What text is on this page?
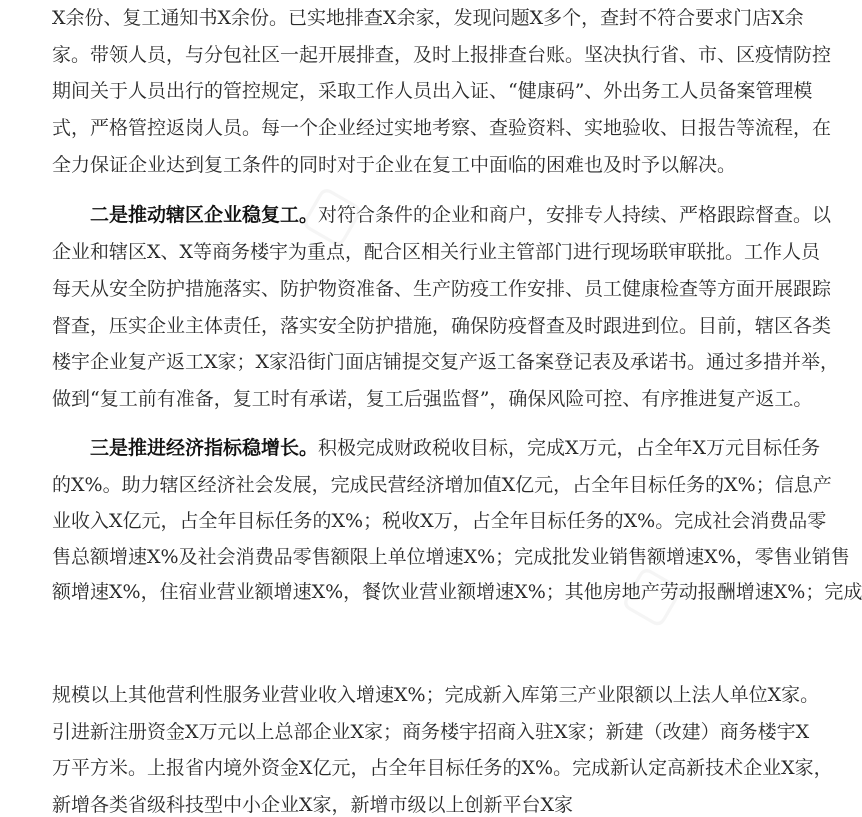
X余份、复工通知书X余份。已实地排查X余家，发现问题X多个，查封不符合要求门店X余
家。带领人员，与分包社区一起开展排查，及时上报排查台账。坚决执行省、市、区疫情防控
期间关于人员出行的管控规定，采取工作人员出入证、“健康码”、外出务工人员备案管理模
式，严格管控返岗人员。每一个企业经过实地考察、查验资料、实地验收、日报告等流程，在
全力保证企业达到复工条件的同时对于企业在复工中面临的困难也及时予以解决。
二是推动辖区企业稳复工。对符合条件的企业和商户，安排专人持续、严格跟踪督查。以
企业和辖区X、X等商务楼宇为重点，配合区相关行业主管部门进行现场联审联批。工作人员
每天从安全防护措施落实、防护物资准备、生产防疫工作安排、员工健康检查等方面开展跟踪
督查，压实企业主体责任，落实安全防护措施，确保防疫督查及时跟进到位。目前，辖区各类
楼宇企业复产返工X家；X家沿街门面店铺提交复产返工备案登记表及承诺书。通过多措并举，
做到“复工前有准备，复工时有承诺，复工后强监督”，确保风险可控、有序推进复产返工。
三是推进经济指标稳增长。积极完成财政税收目标，完成X万元，占全年X万元目标任务
的X%。助力辖区经济社会发展，完成民营经济增加值X亿元，占全年目标任务的X%；信息产
业收入X亿元，占全年目标任务的X%；税收X万，占全年目标任务的X%。完成社会消费品零
售总额增速X%及社会消费品零售额限上单位增速X%；完成批发业销售额增速X%，零售业销售
额增速X%，住宿业营业额增速X%，餐饮业营业额增速X%；其他房地产劳动报酬增速X%；完成
规模以上其他营利性服务业营业收入增速X%；完成新入库第三产业限额以上法人单位X家。
引进新注册资金X万元以上总部企业X家；商务楼宇招商入驻X家；新建（改建）商务楼宇X
万平方米。上报省内境外资金X亿元，占全年目标任务的X%。完成新认定高新技术企业X家，
新增各类省级科技型中小企业X家，新增市级以上创新平台X家
